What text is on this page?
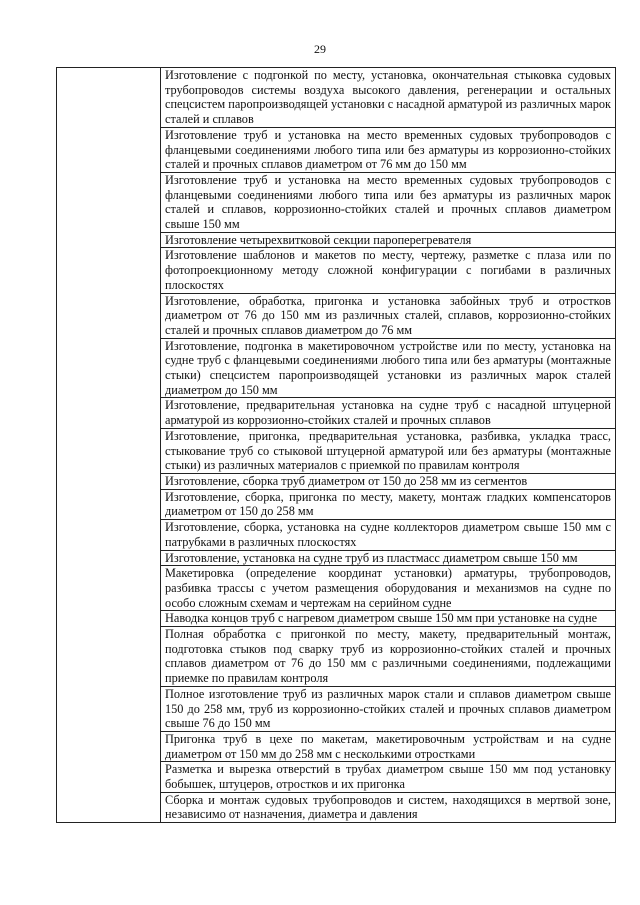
29
	Изготовление с подгонкой по месту, установка, окончательная стыковка судовых трубопроводов системы воздуха высокого давления, регенерации и остальных спецсистем паропроизводящей установки с насадной арматурой из различных марок сталей и сплавов
Изготовление труб и установка на место временных судовых трубопроводов с фланцевыми соединениями любого типа или без арматуры из коррозионно-стойких сталей и прочных сплавов диаметром от 76 мм до 150 мм
Изготовление труб и установка на место временных судовых трубопроводов с фланцевыми соединениями любого типа или без арматуры из различных марок сталей и сплавов, коррозионно-стойких сталей и прочных сплавов диаметром свыше 150 мм
Изготовление четырехвитковой секции пароперегревателя
Изготовление шаблонов и макетов по месту, чертежу, разметке с плаза или по фотопроекционному методу сложной конфигурации с погибами в различных плоскостях
Изготовление, обработка, пригонка и установка забойных труб и отростков диаметром от 76 до 150 мм из различных сталей, сплавов, коррозионно-стойких сталей и прочных сплавов диаметром до 76 мм
Изготовление, подгонка в макетировочном устройстве или по месту, установка на судне труб с фланцевыми соединениями любого типа или без арматуры (монтажные стыки) спецсистем паропроизводящей установки из различных марок сталей диаметром до 150 мм
Изготовление, предварительная установка на судне труб с насадной штуцерной арматурой из коррозионно-стойких сталей и прочных сплавов
Изготовление, пригонка, предварительная установка, разбивка, укладка трасс, стыкование труб со стыковой штуцерной арматурой или без арматуры (монтажные стыки) из различных материалов с приемкой по правилам контроля
Изготовление, сборка труб диаметром от 150 до 258 мм из сегментов
Изготовление, сборка, пригонка по месту, макету, монтаж гладких компенсаторов диаметром от 150 до 258 мм
Изготовление, сборка, установка на судне коллекторов диаметром свыше 150 мм с патрубками в различных плоскостях
Изготовление, установка на судне труб из пластмасс диаметром свыше 150 мм
Макетировка (определение координат установки) арматуры, трубопроводов, разбивка трассы с учетом размещения оборудования и механизмов на судне по особо сложным схемам и чертежам на серийном судне
Наводка концов труб с нагревом диаметром свыше 150 мм при установке на судне
Полная обработка с пригонкой по месту, макету, предварительный монтаж, подготовка стыков под сварку труб из коррозионно-стойких сталей и прочных сплавов диаметром от 76 до 150 мм с различными соединениями, подлежащими приемке по правилам контроля
Полное изготовление труб из различных марок стали и сплавов диаметром свыше 150 до 258 мм, труб из коррозионно-стойких сталей и прочных сплавов диаметром свыше 76 до 150 мм
Пригонка труб в цехе по макетам, макетировочным устройствам и на судне диаметром от 150 мм до 258 мм с несколькими отростками
Разметка и вырезка отверстий в трубах диаметром свыше 150 мм под установку бобышек, штуцеров, отростков и их пригонка
Сборка и монтаж судовых трубопроводов и систем, находящихся в мертвой зоне, независимо от назначения, диаметра и давления
